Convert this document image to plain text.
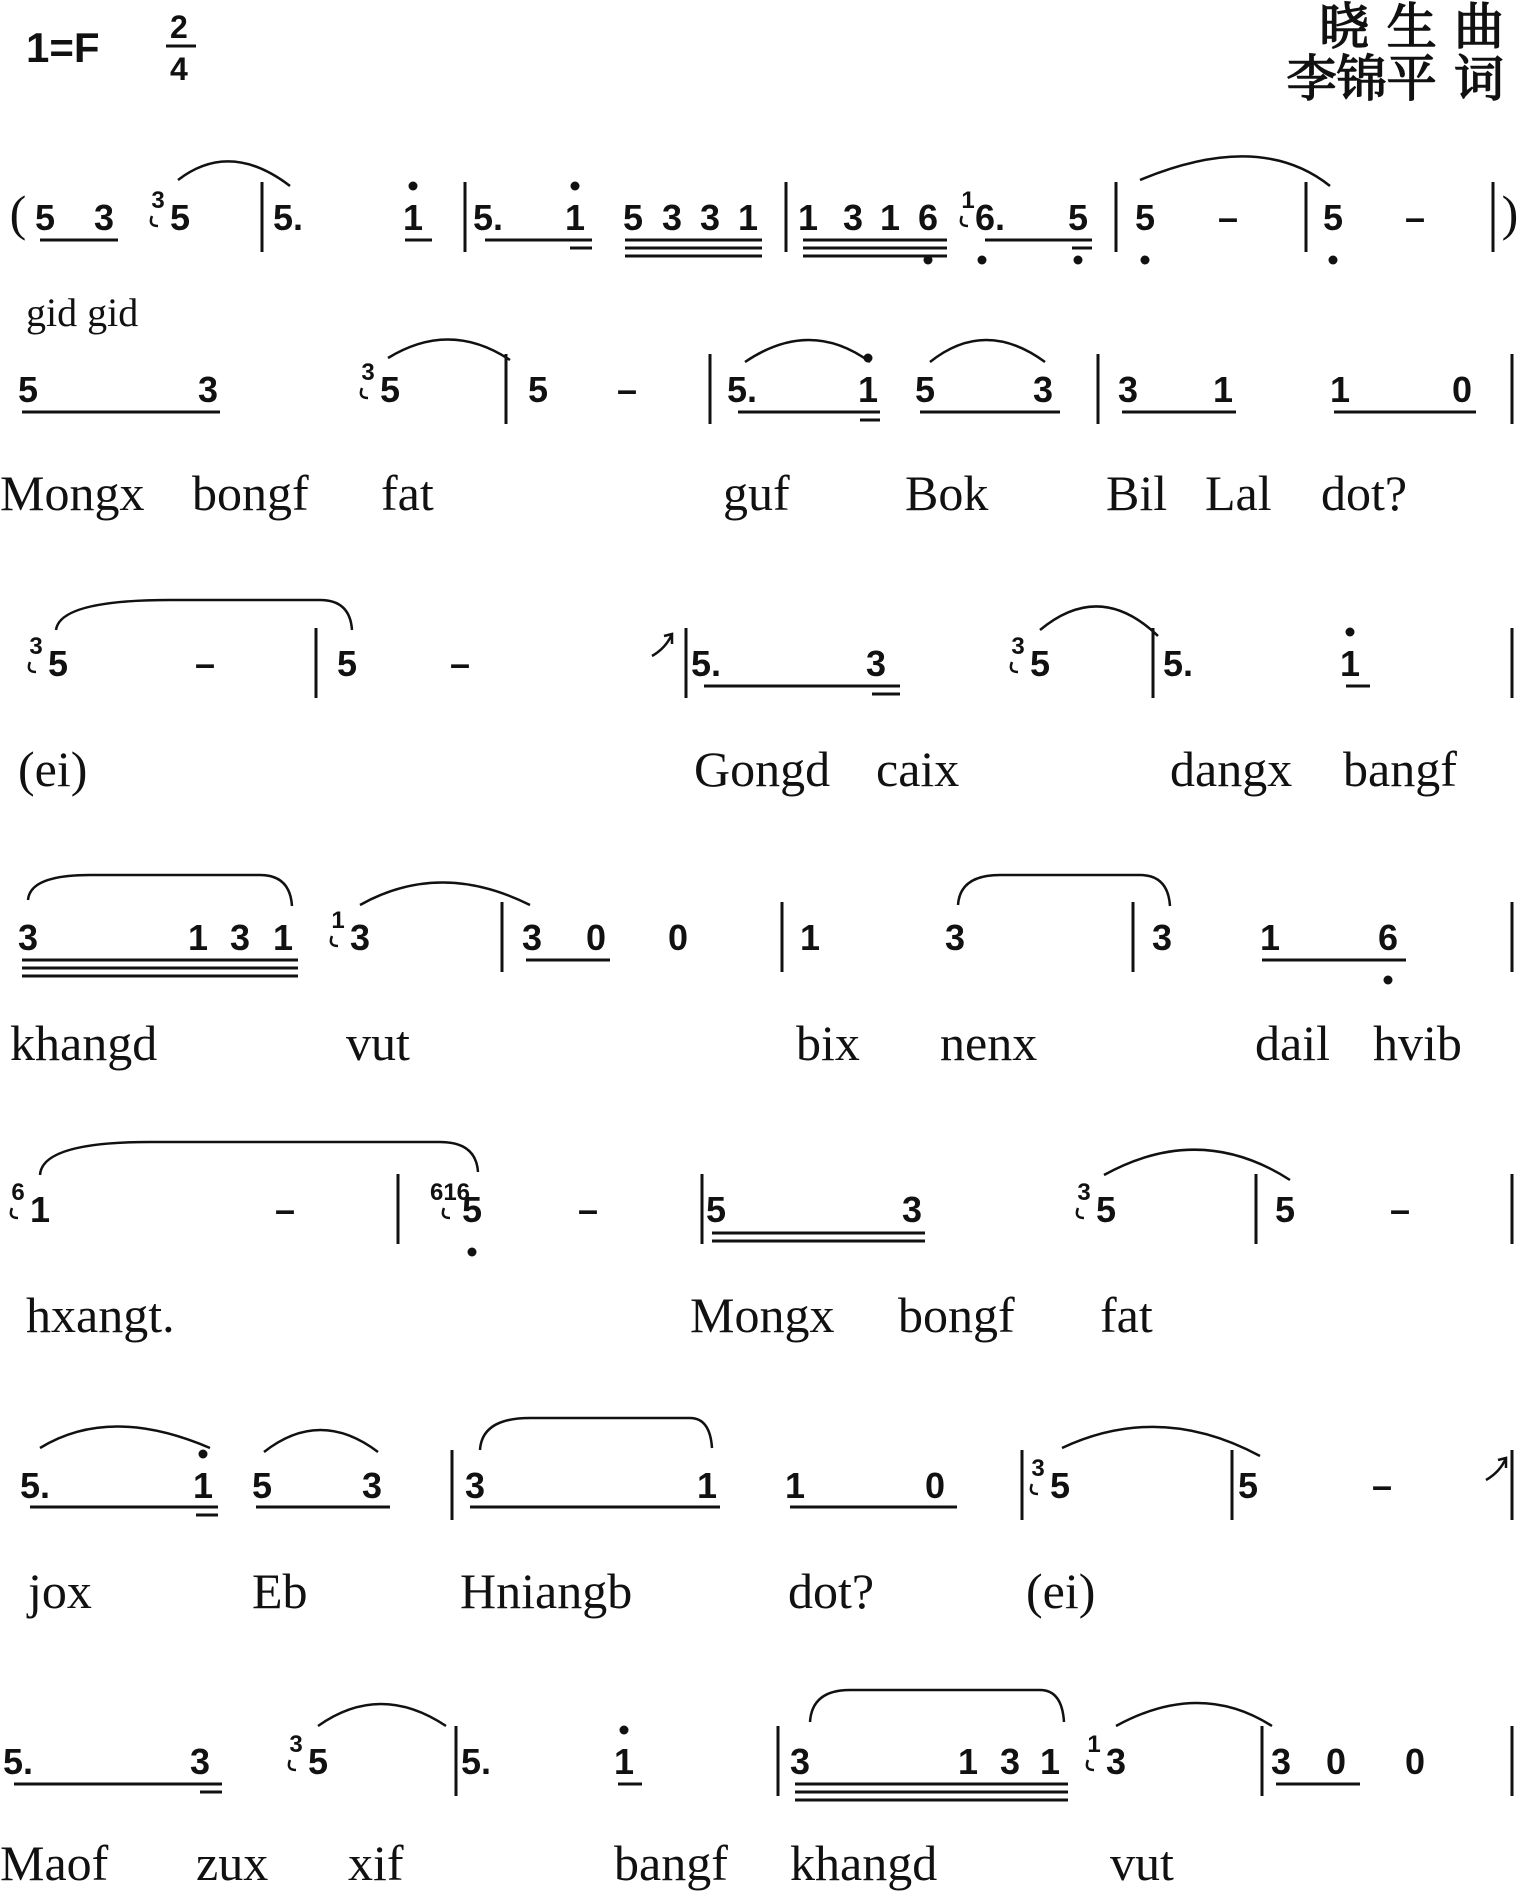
1=F 2
4
晓 生 曲
李锦平 词
( 5 3 3 5 5.	1 5. 1 5 3 3 1 1 3 1 6 1 6. 5 5 – 5 – )
gid gid
5	3	3 5	5 – 5.	1 5	3 3 1	1	0
Mongx bongf fat	guf Bok Bil Lal dot?
3 5	–	5	–	5.	3	3 5	5.	1
(ei)	Gongd caix	dangx bangf
3	1 3 1 1 3	3 0 0	1	3	3 1	6
khangd	vut	bix nenx	dail hvib
6 1	–	616
5	–	5	3	3 5	5	–
hxangt.	Mongx bongf fat
5.	1 5 3 3	1 1	0	3 5	5	–
jox	Eb	Hniangb	dot?	(ei)
5.	3	3 5	5.	1	3	1 3 1 1 3	3 0 0
Maof zux xif	bangf khangd	vut
